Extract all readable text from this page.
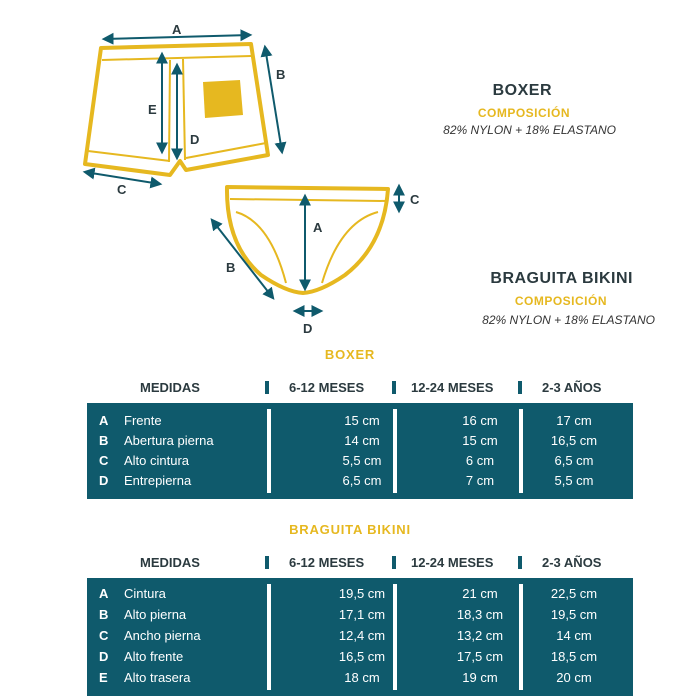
A
B
C
D
E
A
B
C
D
BOXER
COMPOSICIÓN
82% NYLON + 18% ELASTANO
BRAGUITA BIKINI
COMPOSICIÓN
82% NYLON + 18% ELASTANO
BOXER
MEDIDAS	6-12 MESES	12-24 MESES	2-3 AÑOS
A Frente	15 cm	16 cm	17 cm
B Abertura pierna	14 cm	15 cm	16,5 cm
C Alto cintura	5,5 cm	6 cm	6,5 cm
D Entrepierna	6,5 cm	7 cm	5,5 cm
BRAGUITA BIKINI
MEDIDAS	6-12 MESES	12-24 MESES	2-3 AÑOS
A Cintura	19,5 cm	21 cm	22,5 cm
B Alto pierna	17,1 cm	18,3 cm	19,5 cm
C Ancho pierna	12,4 cm	13,2 cm	14 cm
D Alto frente	16,5 cm	17,5 cm	18,5 cm
E Alto trasera	18 cm	19 cm	20 cm
